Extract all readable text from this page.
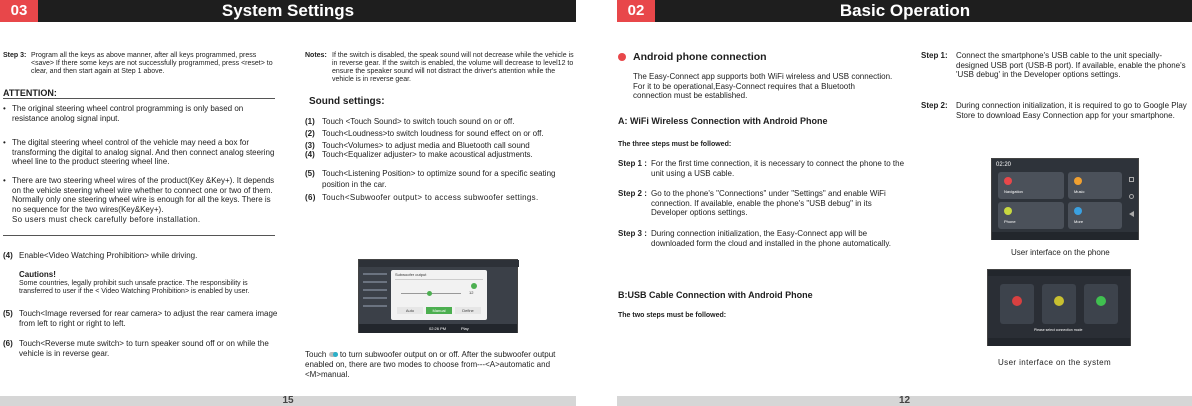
03	System Settings
Step 3: Program all the keys as above manner, after all keys programmed, press <save> If there some keys are not successfully programmed, press <reset> to clear, and then start again at Step 1 above.
ATTENTION:
• The original steering wheel control programming is only based on resistance anolog signal input.
• The digital steering wheel control of the vehicle may need a box for transforming the digital to analog signal. And then connect analog steering wheel line to the product steering wheel line.
• There are two steering wheel wires of the product(Key &Key+). It depends on the vehicle steering wheel wire whether to connect one or two of them. Normally only one steering wheel wire is enough for all the keys. There is no sequence for the two wires(Key&Key+).
So users must check carefully before installation.
(4) Enable<Video Watching Prohibition> while driving.
Cautions!
Some countries, legally prohibit such unsafe practice. The responsibility is transferred to user if the < Video Watching Prohibition> is enabled by user.
(5) Touch<Image reversed for rear camera> to adjust the rear camera image from left to right or right to left.
(6) Touch<Reverse mute switch> to turn speaker sound off or on while the vehicle is in reverse gear.
Notes: If the switch is disabled, the speak sound will not decrease while the vehicle is in reverse gear. If the switch is enabled, the volume will decrease to level12 to ensure the speaker sound will not distract the driver's attention while the vehicle is in reverse gear.
Sound settings:
(1) Touch <Touch Sound> to switch touch sound on or off.
(2) Touch<Loudness>to switch loudness for sound effect on or off.
(3) Touch<Volumes> to adjust media and Bluetooth call sound
(4) Touch<Equalizer adjuster> to make acoustical adjustments.
(5) Touch<Listening Position> to optimize sound for a specific seating position in the car.
(6) Touch<Subwoofer output> to access subwoofer settings.
Subwoofer output
12
Auto	Manual	Define
02:26 PM	Play
Touch to turn subwoofer output on or off. After the subwoofer output enabled on, there are two modes to choose from---<A>automatic and <M>manual.
15
02	Basic Operation
Android phone connection
The Easy-Connect app supports both WiFi wireless and USB connection. For it to be operational,Easy-Connect requires that a Bluetooth connection must be established.
A: WiFi Wireless Connection with Android Phone
The three steps must be followed:
Step 1 : For the first time connection, it is necessary to connect the phone to the unit using a USB cable.
Step 2 : Go to the phone's "Connections" under "Settings" and enable WiFi connection. If available, enable the phone's "USB debug" in its Developer options settings.
Step 3 : During connection initialization, the Easy-Connect app will be downloaded form the cloud and installed in the phone automatically.
B:USB Cable Connection with Android Phone
The two steps must be followed:
Step 1: Connect the smartphone's USB cable to the unit specially-designed USB port (USB-B port). If available, enable the phone's 'USB debug' in the Developer options settings.
Step 2: During connection initialization, it is required to go to Google Play Store to download Easy Connection app for your smartphone.
02:20
Navigation	Music
Phone	More
User interface on the phone
Please select connection mode
User interface on the system
12
